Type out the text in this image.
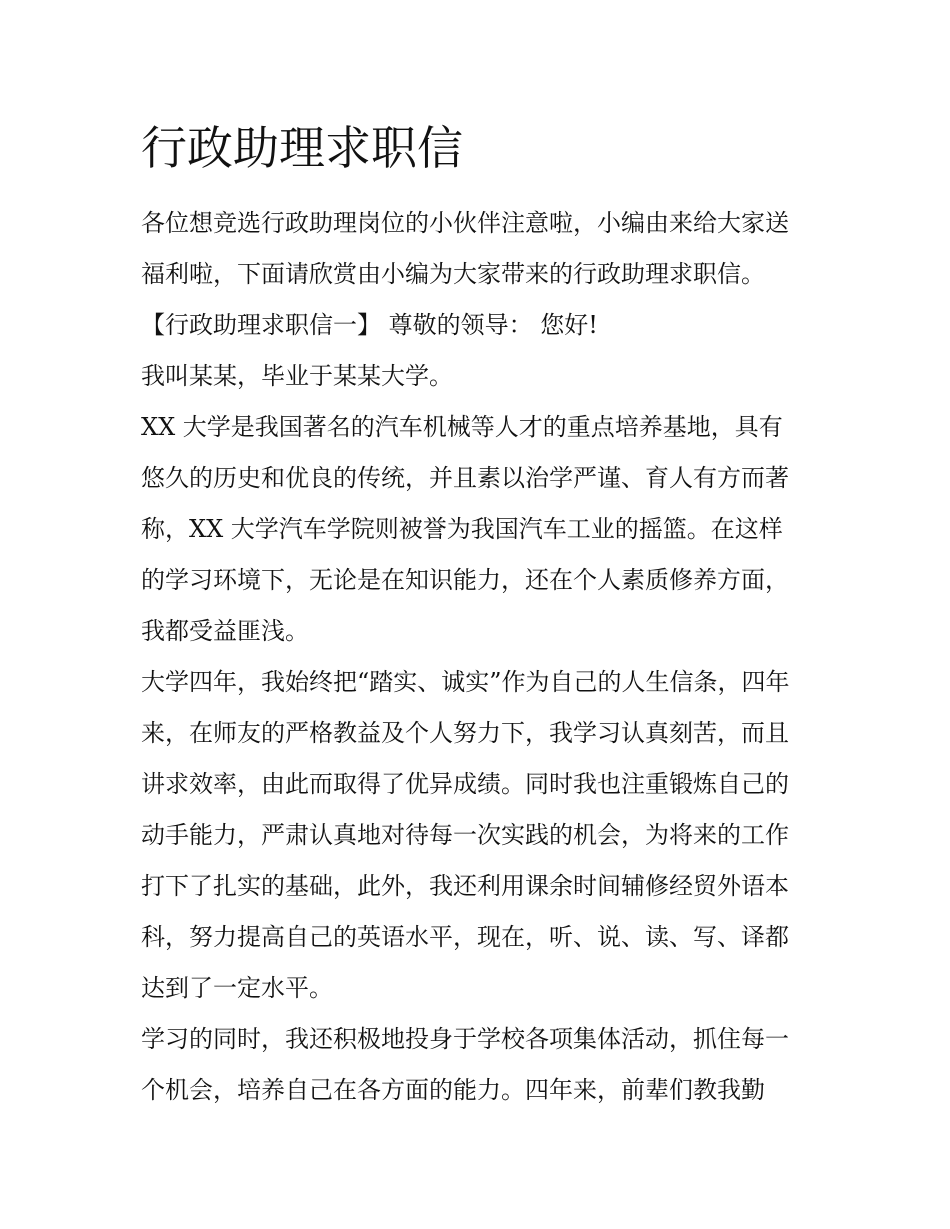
行政助理求职信
各位想竞选行政助理岗位的小伙伴注意啦，小编由来给大家送
福利啦，下面请欣赏由小编为大家带来的行政助理求职信。
【行政助理求职信一】 尊敬的领导： 您好!
我叫某某，毕业于某某大学。
XX 大学是我国著名的汽车机械等人才的重点培养基地，具有
悠久的历史和优良的传统，并且素以治学严谨、育人有方而著
称，XX 大学汽车学院则被誉为我国汽车工业的摇篮。在这样
的学习环境下，无论是在知识能力，还在个人素质修养方面，
我都受益匪浅。
大学四年，我始终把“踏实、诚实”作为自己的人生信条，四年
来，在师友的严格教益及个人努力下，我学习认真刻苦，而且
讲求效率，由此而取得了优异成绩。同时我也注重锻炼自己的
动手能力，严肃认真地对待每一次实践的机会，为将来的工作
打下了扎实的基础，此外，我还利用课余时间辅修经贸外语本
科，努力提高自己的英语水平，现在，听、说、读、写、译都
达到了一定水平。
学习的同时，我还积极地投身于学校各项集体活动，抓住每一
个机会，培养自己在各方面的能力。四年来，前辈们教我勤
